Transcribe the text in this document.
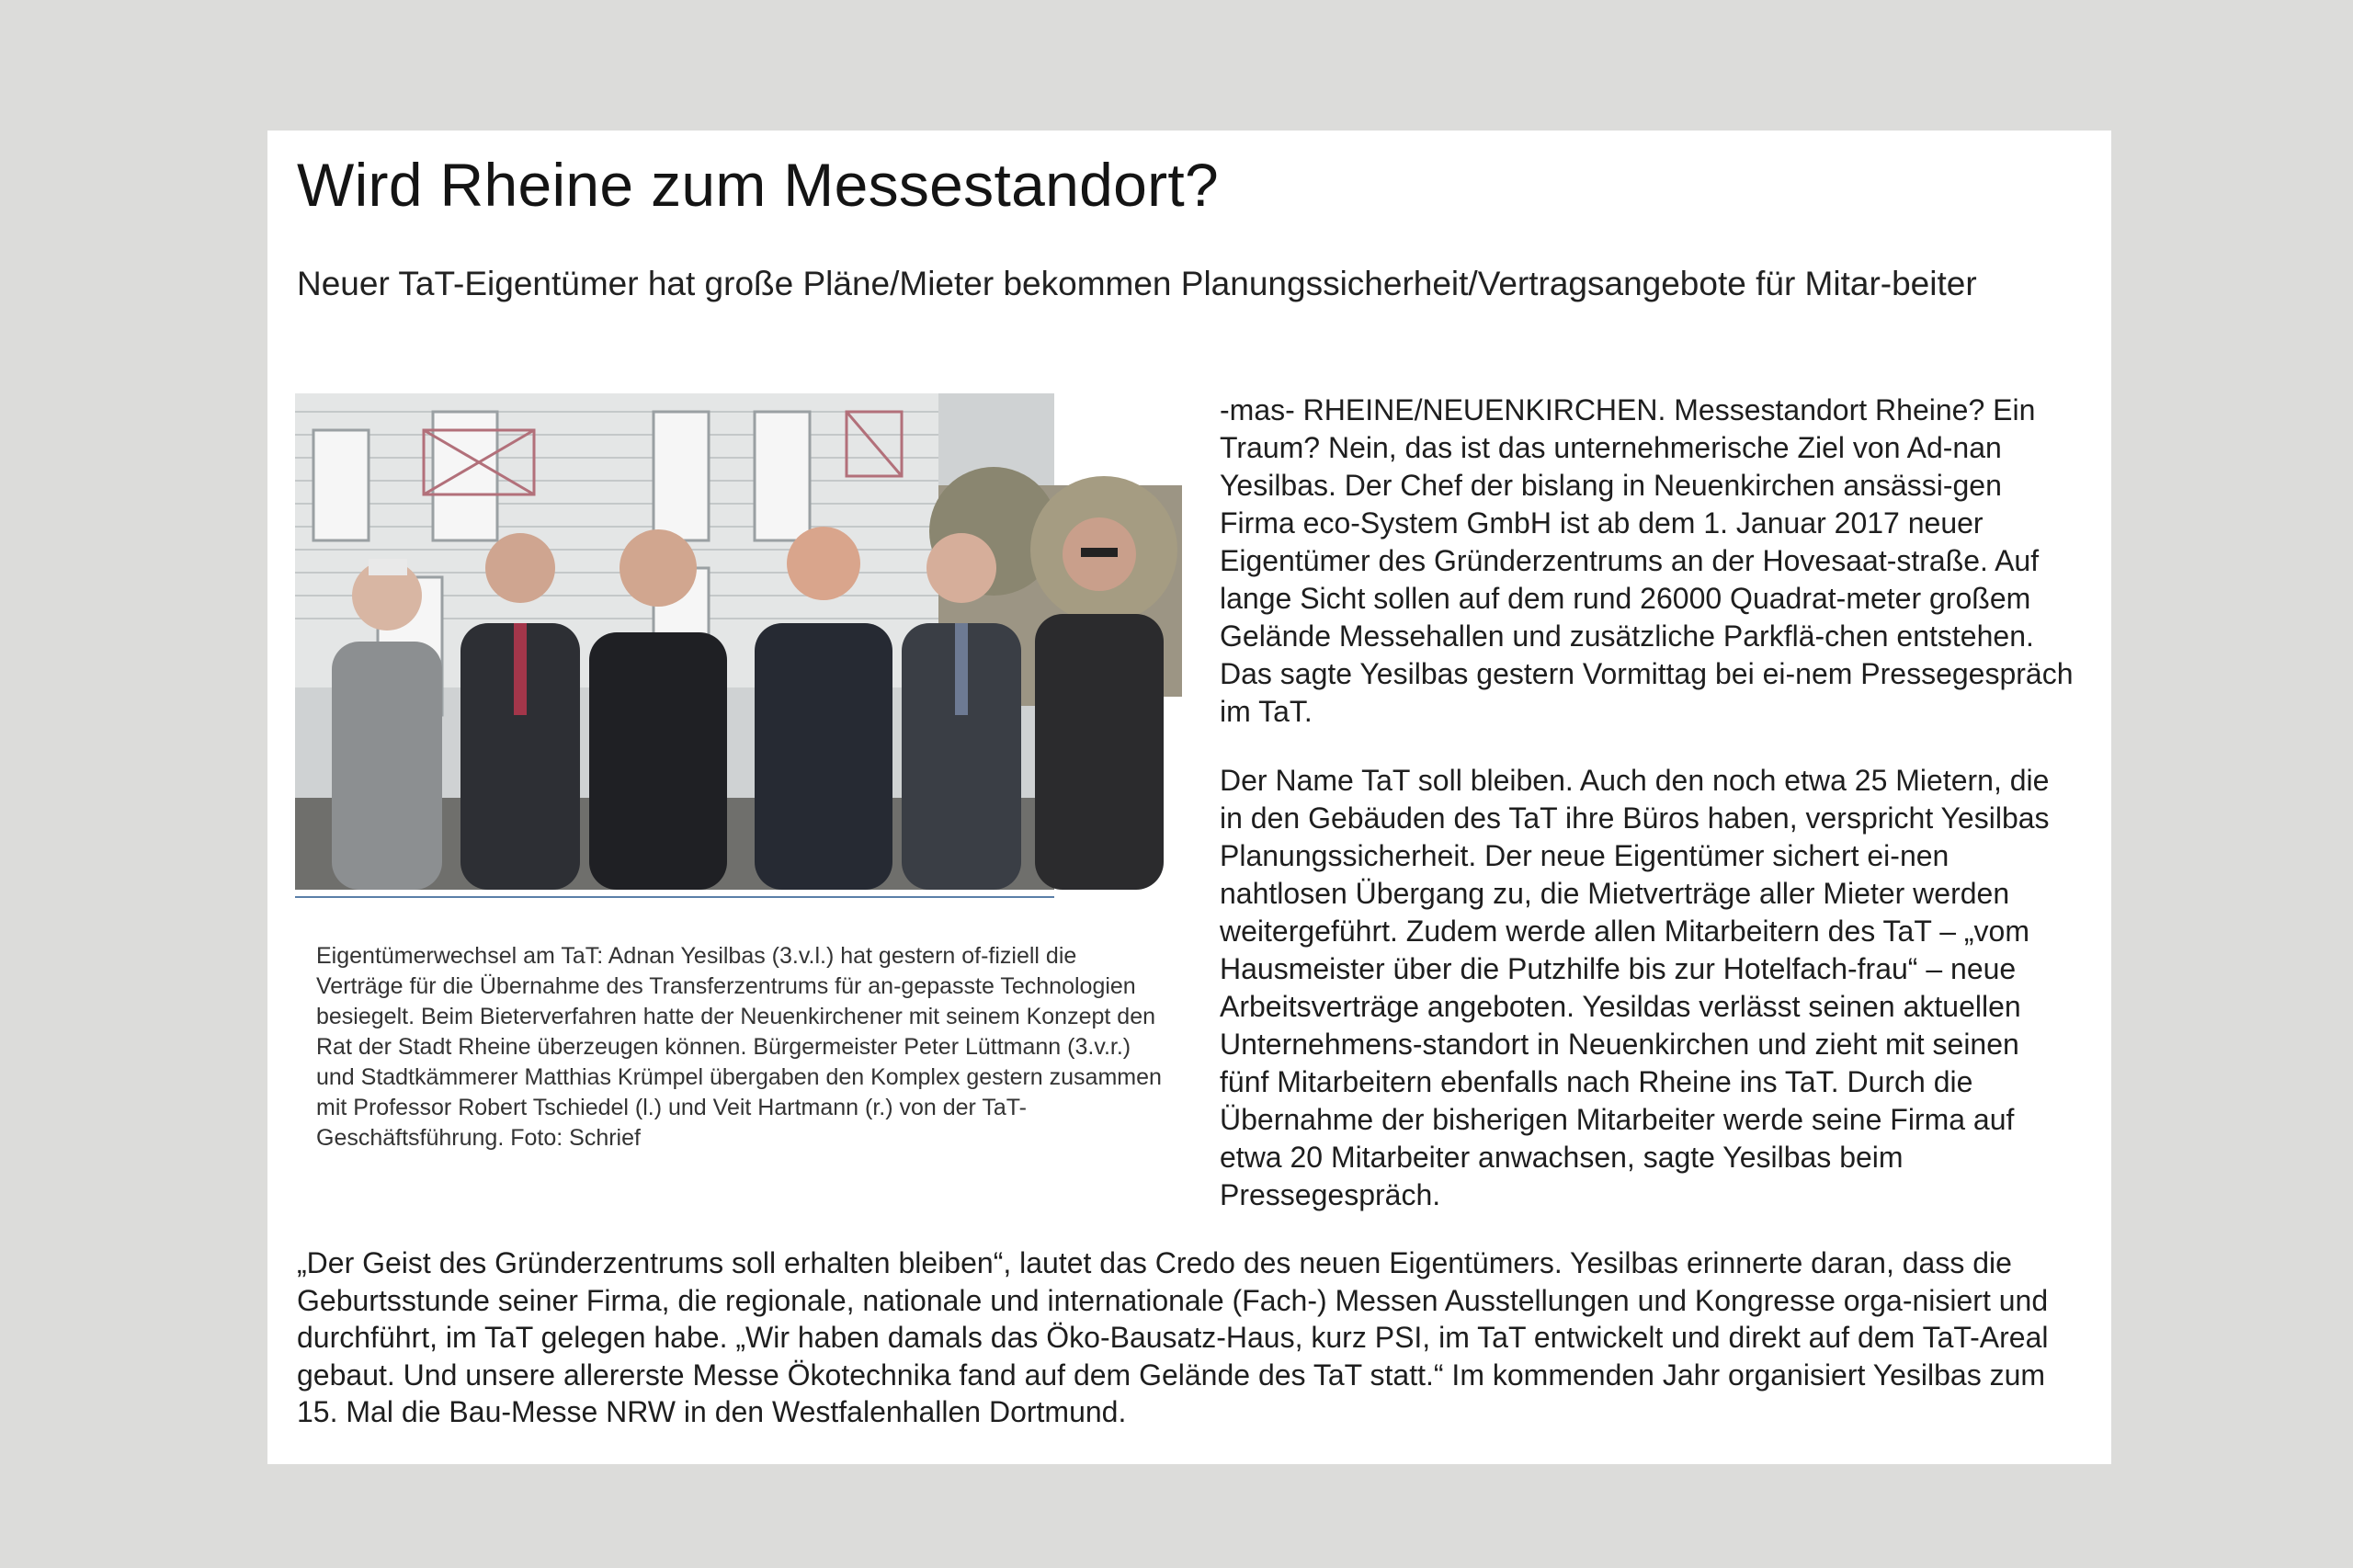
Wird Rheine zum Messestandort?
Neuer TaT-Eigentümer hat große Pläne/Mieter bekommen Planungssicherheit/Vertragsangebote für Mitar-beiter

Eigentümerwechsel am TaT: Adnan Yesilbas (3.v.l.) hat gestern of-fiziell die Verträge für die Übernahme des Transferzentrums für an-gepasste Technologien besiegelt. Beim Bieterverfahren hatte der Neuenkirchener mit seinem Konzept den Rat der Stadt Rheine überzeugen können. Bürgermeister Peter Lüttmann (3.v.r.) und Stadtkämmerer Matthias Krümpel übergaben den Komplex gestern zusammen mit Professor Robert Tschiedel (l.) und Veit Hartmann (r.) von der TaT-Geschäftsführung. Foto: Schrief

-mas- RHEINE/NEUENKIRCHEN. Messestandort Rheine? Ein Traum? Nein, das ist das unternehmerische Ziel von Ad-nan Yesilbas. Der Chef der bislang in Neuenkirchen ansässi-gen Firma eco-System GmbH ist ab dem 1. Januar 2017 neuer Eigentümer des Gründerzentrums an der Hovesaat-straße. Auf lange Sicht sollen auf dem rund 26000 Quadrat-meter großem Gelände Messehallen und zusätzliche Parkflä-chen entstehen. Das sagte Yesilbas gestern Vormittag bei ei-nem Pressegespräch im TaT.

Der Name TaT soll bleiben. Auch den noch etwa 25 Mietern, die in den Gebäuden des TaT ihre Büros haben, verspricht Yesilbas Planungssicherheit. Der neue Eigentümer sichert ei-nen nahtlosen Übergang zu, die Mietverträge aller Mieter werden weitergeführt. Zudem werde allen Mitarbeitern des TaT – „vom Hausmeister über die Putzhilfe bis zur Hotelfach-frau“ – neue Arbeitsverträge angeboten. Yesildas verlässt seinen aktuellen Unternehmens-standort in Neuenkirchen und zieht mit seinen fünf Mitarbeitern ebenfalls nach Rheine ins TaT. Durch die Übernahme der bisherigen Mitarbeiter werde seine Firma auf etwa 20 Mitarbeiter anwachsen, sagte Yesilbas beim Pressegespräch.

„Der Geist des Gründerzentrums soll erhalten bleiben“, lautet das Credo des neuen Eigentümers. Yesilbas erinnerte daran, dass die Geburtsstunde seiner Firma, die regionale, nationale und internationale (Fach-) Messen Ausstellungen und Kongresse orga-nisiert und durchführt, im TaT gelegen habe. „Wir haben damals das Öko-Bausatz-Haus, kurz PSI, im TaT entwickelt und direkt auf dem TaT-Areal gebaut. Und unsere allererste Messe Ökotechnika fand auf dem Gelände des TaT statt.“ Im kommenden Jahr organisiert Yesilbas zum 15. Mal die Bau-Messe NRW in den Westfalenhallen Dortmund.
